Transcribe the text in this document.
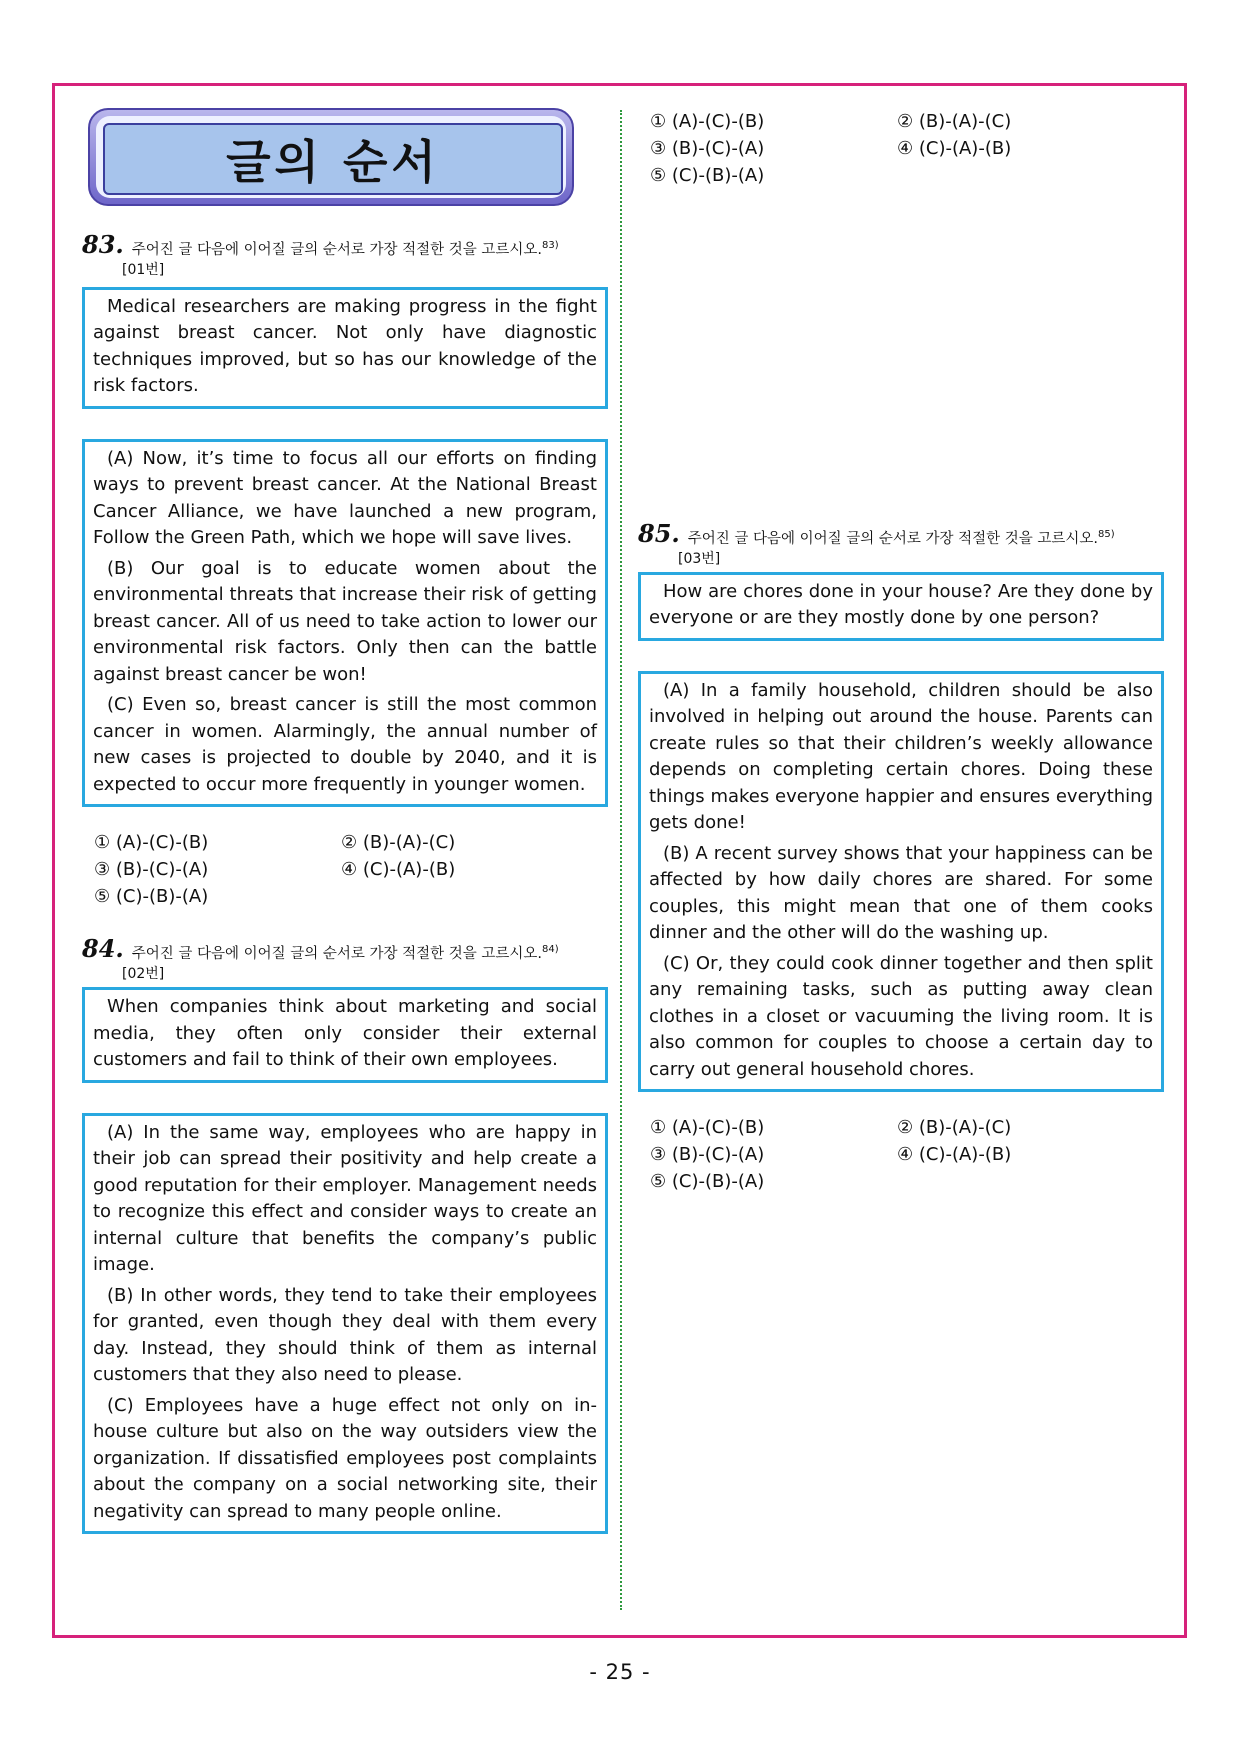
글의 순서
83. 주어진 글 다음에 이어질 글의 순서로 가장 적절한 것을 고르시오.$^{83)}$
[01번]

Medical researchers are making progress in the fight against breast cancer. Not only have diagnostic techniques improved, but so has our knowledge of the risk factors.

(A) Now, it’s time to focus all our efforts on finding ways to prevent breast cancer. At the National Breast Cancer Alliance, we have launched a new program, Follow the Green Path, which we hope will save lives.

(B) Our goal is to educate women about the environmental threats that increase their risk of getting breast cancer. All of us need to take action to lower our environmental risk factors. Only then can the battle against breast cancer be won!

(C) Even so, breast cancer is still the most common cancer in women. Alarmingly, the annual number of new cases is projected to double by 2040, and it is expected to occur more frequently in younger women.

① (A)-(C)-(B)	② (B)-(A)-(C)
③ (B)-(C)-(A)	④ (C)-(A)-(B)
⑤ (C)-(B)-(A)
84. 주어진 글 다음에 이어질 글의 순서로 가장 적절한 것을 고르시오.$^{84)}$
[02번]

When companies think about marketing and social media, they often only consider their external customers and fail to think of their own employees.

(A) In the same way, employees who are happy in their job can spread their positivity and help create a good reputation for their employer. Management needs to recognize this effect and consider ways to create an internal culture that benefits the company’s public image.

(B) In other words, they tend to take their employees for granted, even though they deal with them every day. Instead, they should think of them as internal customers that they also need to please.

(C) Employees have a huge effect not only on in-house culture but also on the way outsiders view the organization. If dissatisfied employees post complaints about the company on a social networking site, their negativity can spread to many people online.

① (A)-(C)-(B)	② (B)-(A)-(C)
③ (B)-(C)-(A)	④ (C)-(A)-(B)
⑤ (C)-(B)-(A)
85. 주어진 글 다음에 이어질 글의 순서로 가장 적절한 것을 고르시오.$^{85)}$
[03번]

How are chores done in your house? Are they done by everyone or are they mostly done by one person?

(A) In a family household, children should be also involved in helping out around the house. Parents can create rules so that their children’s weekly allowance depends on completing certain chores. Doing these things makes everyone happier and ensures everything gets done!

(B) A recent survey shows that your happiness can be affected by how daily chores are shared. For some couples, this might mean that one of them cooks dinner and the other will do the washing up.

(C) Or, they could cook dinner together and then split any remaining tasks, such as putting away clean clothes in a closet or vacuuming the living room. It is also common for couples to choose a certain day to carry out general household chores.

① (A)-(C)-(B)	② (B)-(A)-(C)
③ (B)-(C)-(A)	④ (C)-(A)-(B)
⑤ (C)-(B)-(A)
- 25 -
